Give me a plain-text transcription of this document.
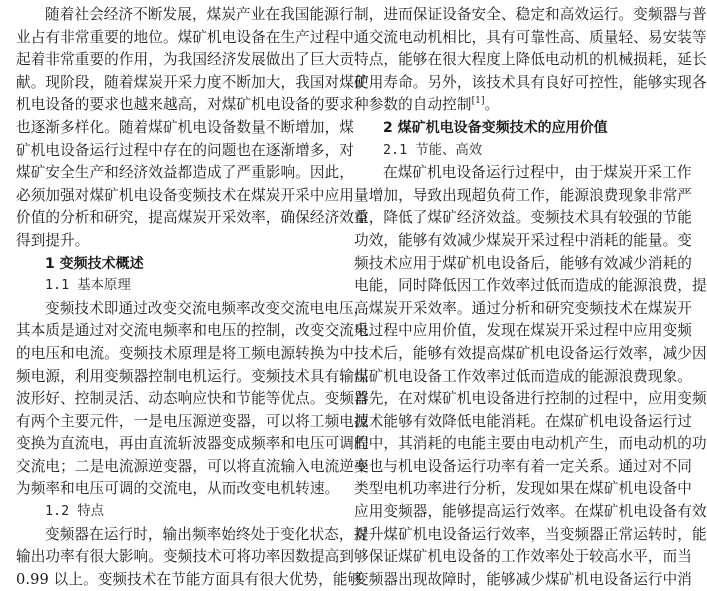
随着社会经济不断发展，煤炭产业在我国能源行
业占有非常重要的地位。煤矿机电设备在生产过程中
起着非常重要的作用，为我国经济发展做出了巨大贡
献。现阶段，随着煤炭开采力度不断加大，我国对煤矿
机电设备的要求也越来越高，对煤矿机电设备的要求
也逐渐多样化。随着煤矿机电设备数量不断增加，煤
矿机电设备运行过程中存在的问题也在逐渐增多，对
煤矿安全生产和经济效益都造成了严重影响。因此，
必须加强对煤矿机电设备变频技术在煤炭开采中应用
价值的分析和研究，提高煤炭开采效率，确保经济效益
得到提升。
1 变频技术概述
1.1 基本原理
变频技术即通过改变交流电频率改变交流电电压，
其本质是通过对交流电频率和电压的控制，改变交流电
的电压和电流。变频技术原理是将工频电源转换为中
频电源，利用变频器控制电机运行。变频技术具有输出
波形好、控制灵活、动态响应快和节能等优点。变频器
有两个主要元件，一是电压源逆变器，可以将工频电源
变换为直流电，再由直流斩波器变成频率和电压可调的
交流电；二是电流源逆变器，可以将直流输入电流逆变
为频率和电压可调的交流电，从而改变电机转速。
1.2 特点
变频器在运行时，输出频率始终处于变化状态，对
输出功率有很大影响。变频技术可将功率因数提高到
0.99 以上。变频技术在节能方面具有很大优势，能够
制，进而保证设备安全、稳定和高效运行。变频器与普
通交流电动机相比，具有可靠性高、质量轻、易安装等
特点，能够在很大程度上降低电动机的机械损耗，延长
使用寿命。另外，该技术具有良好可控性，能够实现各
种参数的自动控制[1]。
2 煤矿机电设备变频技术的应用价值
2.1 节能、高效
在煤矿机电设备运行过程中，由于煤炭开采工作
量增加，导致出现超负荷工作，能源浪费现象非常严
重，降低了煤矿经济效益。变频技术具有较强的节能
功效，能够有效减少煤炭开采过程中消耗的能量。变
频技术应用于煤矿机电设备后，能够有效减少消耗的
电能，同时降低因工作效率过低而造成的能源浪费，提
高煤炭开采效率。通过分析和研究变频技术在煤炭开
采过程中应用价值，发现在煤炭开采过程中应用变频
技术后，能够有效提高煤矿机电设备运行效率，减少因
煤矿机电设备工作效率过低而造成的能源浪费现象。
首先，在对煤矿机电设备进行控制的过程中，应用变频
技术能够有效降低电能消耗。在煤矿机电设备运行过
程中，其消耗的电能主要由电动机产生，而电动机的功
率也与机电设备运行功率有着一定关系。通过对不同
类型电机功率进行分析，发现如果在煤矿机电设备中
应用变频器，能够提高运行效率。在煤矿机电设备有效
提升煤矿机电设备运行效率，当变频器正常运转时，能
够保证煤矿机电设备的工作效率处于较高水平，而当
变频器出现故障时，能够减少煤矿机电设备运行中消
